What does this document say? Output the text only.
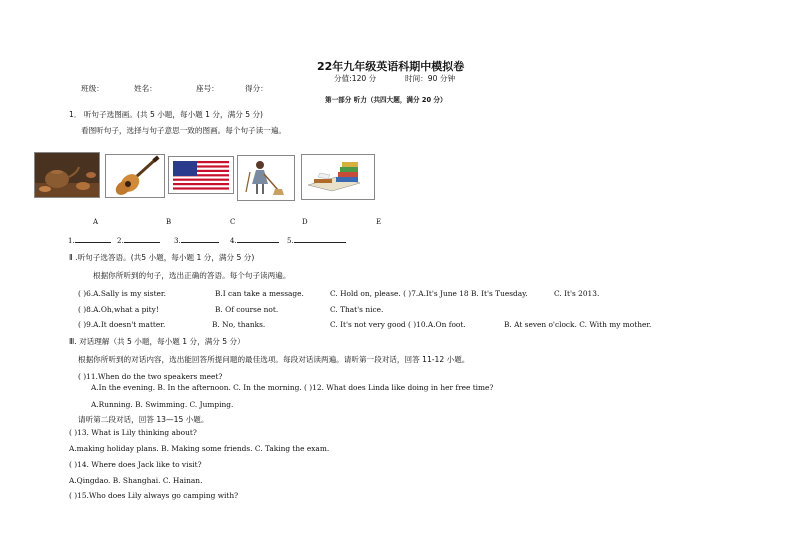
22年九年级英语科期中模拟卷
分值:120 分	时间：90 分钟
班级：	姓名：	座号：	得分：
第一部分 听力（共四大题，满分 20 分）
1． 听句子选图画。(共 5 小题，每小题 1 分，满分 5 分)
看图听句子，选择与句子意思一致的图画。每个句子读一遍。
A	B	C	D	E
1.	2.	3.	4.	5.
Ⅱ .听句子选答语。(共5 小题，每小题 1 分，满分 5 分)
根据你所听到的句子，选出正确的答语。每个句子读两遍。
( )6.A.Sally is my sister.	B.I can take a message.	C. Hold on, please. ( )7.A.It's June 18 B. It's Tuesday.	C. It's 2013.
( )8.A.Oh,what a pity!	B. Of course not.	C. That's nice.
( )9.A.It doesn't matter.	B. No, thanks.	C. It's not very good ( )10.A.On foot.	B. At seven o'clock. C. With my mother.
Ⅲ. 对话理解（共 5 小题，每小题 1 分，满分 5 分）
根据你所听到的对话内容，选出能回答所提问题的最佳选项。每段对话读两遍。请听第一段对话，回答 11-12 小题。
( )11.When do the two speakers meet?
A.In the evening. B. In the afternoon. C. In the morning. ( )12. What does Linda like doing in her free time?
A.Running. B. Swimming. C. Jumping.
请听第二段对话，回答 13—15 小题。
( )13. What is Lily thinking about?
A.making holiday plans. B. Making some friends. C. Taking the exam.
( )14. Where does Jack like to visit?
A.Qingdao. B. Shanghai. C. Hainan.
( )15.Who does Lily always go camping with?
